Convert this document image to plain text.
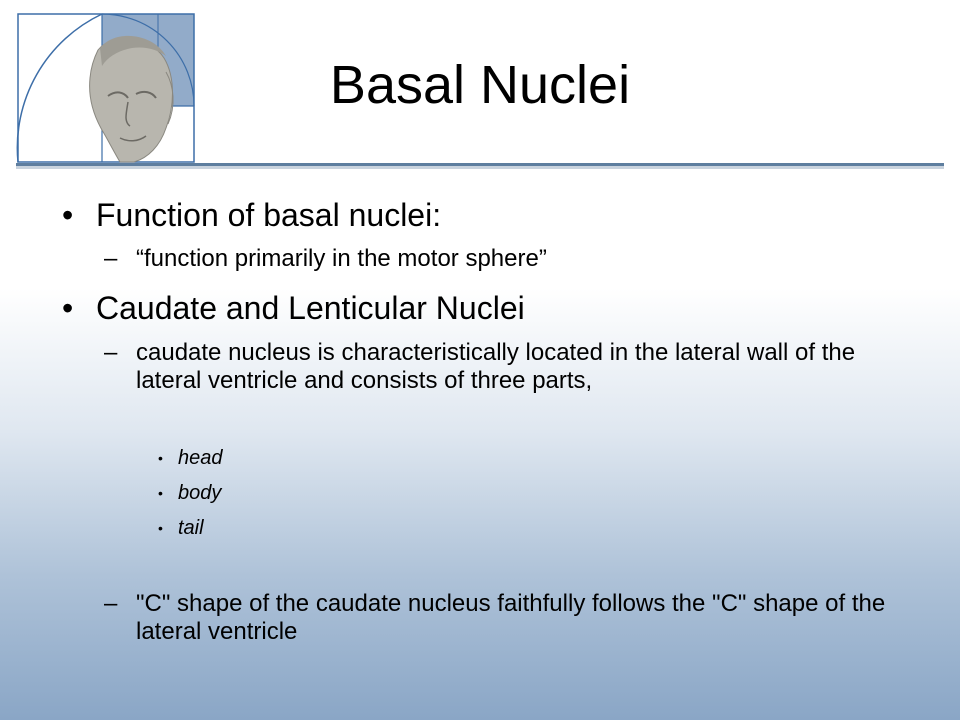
Basal Nuclei
• Function of basal nuclei:
– “function primarily in the motor sphere”
• Caudate and Lenticular Nuclei
– caudate nucleus is characteristically located in the lateral wall of the lateral ventricle and consists of three parts,
• head
• body
• tail
– "C" shape of the caudate nucleus faithfully follows the "C" shape of the lateral ventricle
